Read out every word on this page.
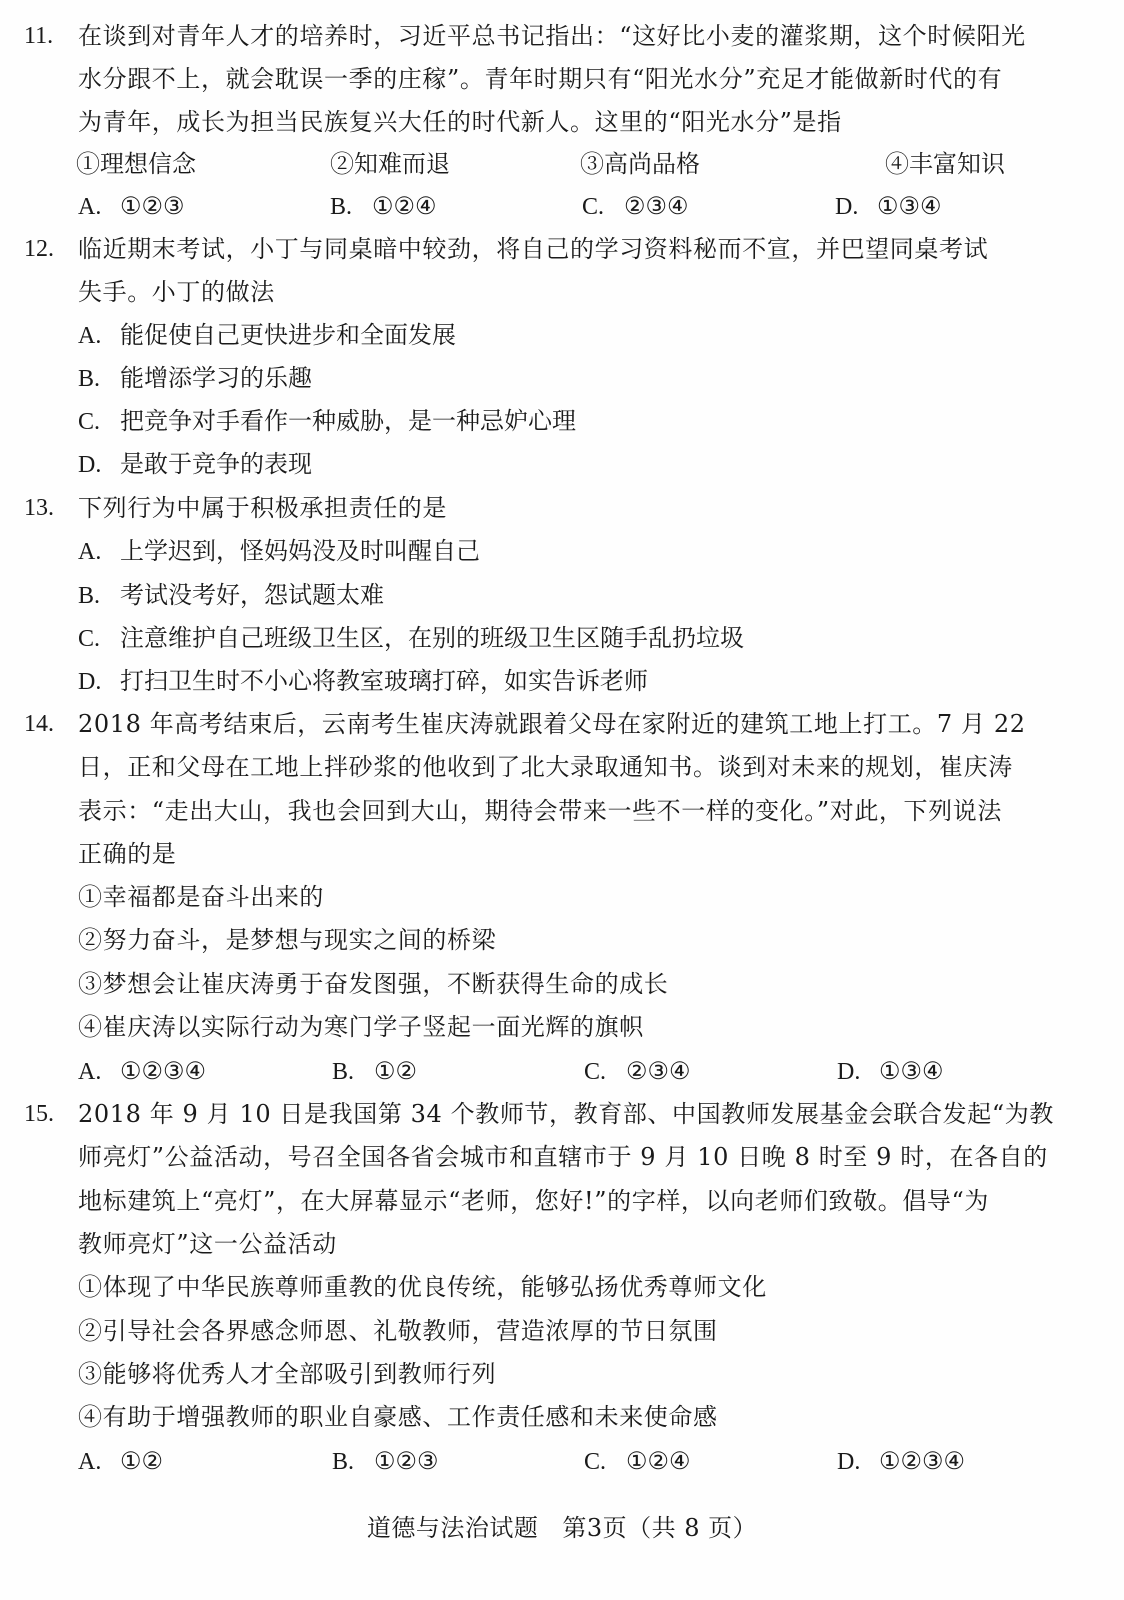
11. 在谈到对青年人才的培养时，习近平总书记指出：“这好比小麦的灌浆期，这个时候阳光
水分跟不上，就会耽误一季的庄稼”。青年时期只有“阳光水分”充足才能做新时代的有
为青年，成长为担当民族复兴大任的时代新人。这里的“阳光水分”是指
①理想信念	②知难而退	③高尚品格	④丰富知识
A. ①②③	B. ①②④	C. ②③④	D. ①③④
12. 临近期末考试，小丁与同桌暗中较劲，将自己的学习资料秘而不宣，并巴望同桌考试
失手。小丁的做法
A. 能促使自己更快进步和全面发展
B. 能增添学习的乐趣
C. 把竞争对手看作一种威胁，是一种忌妒心理
D. 是敢于竞争的表现
13. 下列行为中属于积极承担责任的是
A. 上学迟到，怪妈妈没及时叫醒自己
B. 考试没考好，怨试题太难
C. 注意维护自己班级卫生区，在别的班级卫生区随手乱扔垃圾
D. 打扫卫生时不小心将教室玻璃打碎，如实告诉老师
14. 2018 年高考结束后，云南考生崔庆涛就跟着父母在家附近的建筑工地上打工。7 月 22
日，正和父母在工地上拌砂浆的他收到了北大录取通知书。谈到对未来的规划，崔庆涛
表示：“走出大山，我也会回到大山，期待会带来一些不一样的变化。”对此，下列说法
正确的是
①幸福都是奋斗出来的
②努力奋斗，是梦想与现实之间的桥梁
③梦想会让崔庆涛勇于奋发图强，不断获得生命的成长
④崔庆涛以实际行动为寒门学子竖起一面光辉的旗帜
A. ①②③④	B. ①②	C. ②③④	D. ①③④
15. 2018 年 9 月 10 日是我国第 34 个教师节，教育部、中国教师发展基金会联合发起“为教
师亮灯”公益活动，号召全国各省会城市和直辖市于 9 月 10 日晚 8 时至 9 时，在各自的
地标建筑上“亮灯”，在大屏幕显示“老师，您好!”的字样，以向老师们致敬。倡导“为
教师亮灯”这一公益活动
①体现了中华民族尊师重教的优良传统，能够弘扬优秀尊师文化
②引导社会各界感念师恩、礼敬教师，营造浓厚的节日氛围
③能够将优秀人才全部吸引到教师行列
④有助于增强教师的职业自豪感、工作责任感和未来使命感
A. ①②	B. ①②③	C. ①②④	D. ①②③④
道德与法治试题 第3页（共 8 页）
